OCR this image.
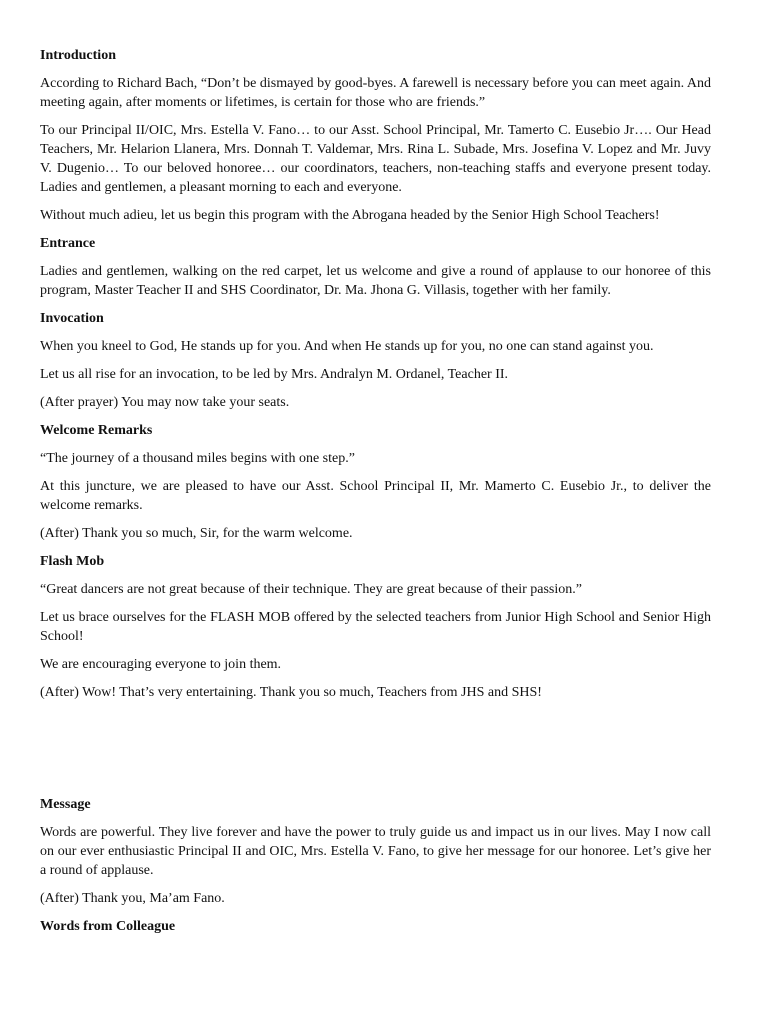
Introduction

According to Richard Bach, “Don’t be dismayed by good-byes. A farewell is necessary before you can meet again. And meeting again, after moments or lifetimes, is certain for those who are friends.”

To our Principal II/OIC, Mrs. Estella V. Fano… to our Asst. School Principal, Mr. Tamerto C. Eusebio Jr…. Our Head Teachers, Mr. Helarion Llanera, Mrs. Donnah T. Valdemar, Mrs. Rina L. Subade, Mrs. Josefina V. Lopez and Mr. Juvy V. Dugenio… To our beloved honoree… our coordinators, teachers, non-teaching staffs and everyone present today. Ladies and gentlemen, a pleasant morning to each and everyone.

Without much adieu, let us begin this program with the Abrogana headed by the Senior High School Teachers!

Entrance

Ladies and gentlemen, walking on the red carpet, let us welcome and give a round of applause to our honoree of this program, Master Teacher II and SHS Coordinator, Dr. Ma. Jhona G. Villasis, together with her family.

Invocation

When you kneel to God, He stands up for you. And when He stands up for you, no one can stand against you.

Let us all rise for an invocation, to be led by Mrs. Andralyn M. Ordanel, Teacher II.

(After prayer) You may now take your seats.

Welcome Remarks

“The journey of a thousand miles begins with one step.”

At this juncture, we are pleased to have our Asst. School Principal II, Mr. Mamerto C. Eusebio Jr., to deliver the welcome remarks.

(After) Thank you so much, Sir, for the warm welcome.

Flash Mob

“Great dancers are not great because of their technique. They are great because of their passion.”

Let us brace ourselves for the FLASH MOB offered by the selected teachers from Junior High School and Senior High School!

We are encouraging everyone to join them.

(After) Wow! That’s very entertaining. Thank you so much, Teachers from JHS and SHS!

Message

Words are powerful. They live forever and have the power to truly guide us and impact us in our lives. May I now call on our ever enthusiastic Principal II and OIC, Mrs. Estella V. Fano, to give her message for our honoree. Let’s give her a round of applause.

(After) Thank you, Ma’am Fano.

Words from Colleague
